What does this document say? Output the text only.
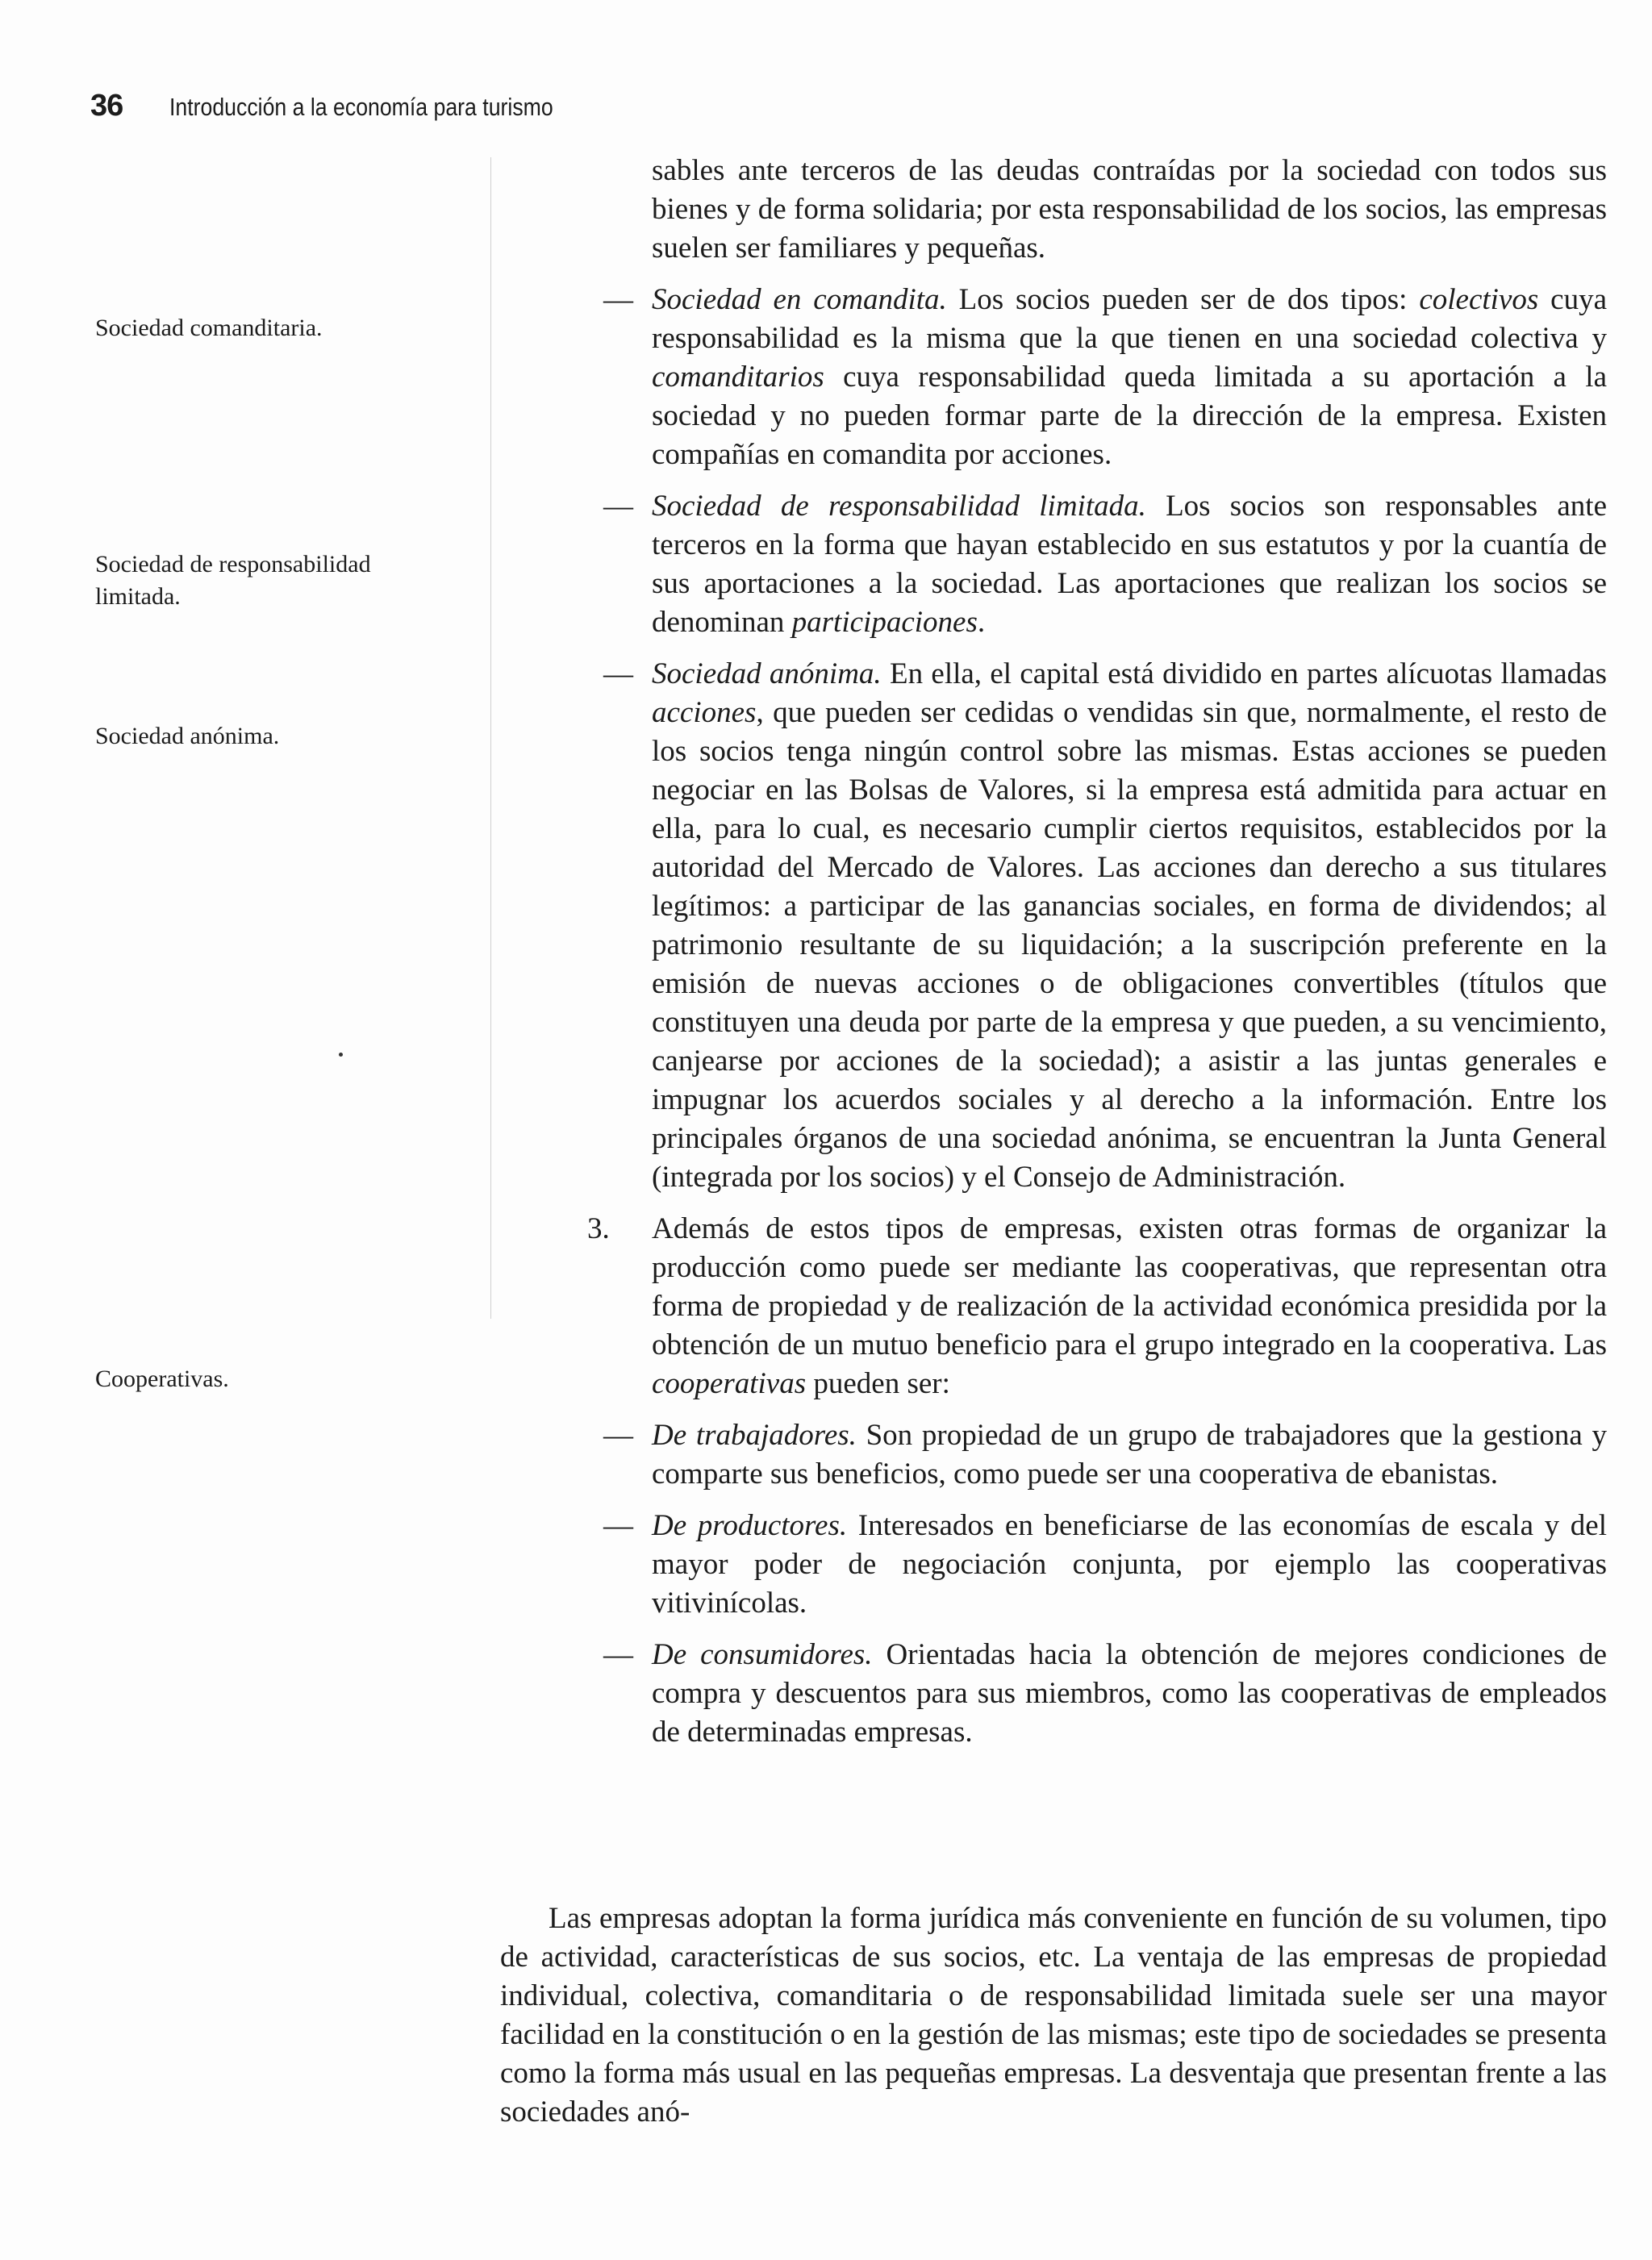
36 Introducción a la economía para turismo
Sociedad comanditaria.
Sociedad de responsabilidad limitada.
Sociedad anónima.
Cooperativas.

sables ante terceros de las deudas contraídas por la sociedad con todos sus bienes y de forma solidaria; por esta responsabilidad de los socios, las empresas suelen ser familiares y pequeñas.

— Sociedad en comandita. Los socios pueden ser de dos tipos: colectivos cuya responsabilidad es la misma que la que tienen en una sociedad colectiva y comanditarios cuya responsabilidad queda limitada a su aportación a la sociedad y no pueden formar parte de la dirección de la empresa. Existen compañías en comandita por acciones.
— Sociedad de responsabilidad limitada. Los socios son responsables ante terceros en la forma que hayan establecido en sus estatutos y por la cuantía de sus aportaciones a la sociedad. Las aportaciones que realizan los socios se denominan participaciones.
— Sociedad anónima. En ella, el capital está dividido en partes alícuotas llamadas acciones, que pueden ser cedidas o vendidas sin que, normalmente, el resto de los socios tenga ningún control sobre las mismas. Estas acciones se pueden negociar en las Bolsas de Valores, si la empresa está admitida para actuar en ella, para lo cual, es necesario cumplir ciertos requisitos, establecidos por la autoridad del Mercado de Valores. Las acciones dan derecho a sus titulares legítimos: a participar de las ganancias sociales, en forma de dividendos; al patrimonio resultante de su liquidación; a la suscripción preferente en la emisión de nuevas acciones o de obligaciones convertibles (títulos que constituyen una deuda por parte de la empresa y que pueden, a su vencimiento, canjearse por acciones de la sociedad); a asistir a las juntas generales e impugnar los acuerdos sociales y al derecho a la información. Entre los principales órganos de una sociedad anónima, se encuentran la Junta General (integrada por los socios) y el Consejo de Administración.
3. Además de estos tipos de empresas, existen otras formas de organizar la producción como puede ser mediante las cooperativas, que representan otra forma de propiedad y de realización de la actividad económica presidida por la obtención de un mutuo beneficio para el grupo integrado en la cooperativa. Las cooperativas pueden ser:
— De trabajadores. Son propiedad de un grupo de trabajadores que la gestiona y comparte sus beneficios, como puede ser una cooperativa de ebanistas.
— De productores. Interesados en beneficiarse de las economías de escala y del mayor poder de negociación conjunta, por ejemplo las cooperativas vitivinícolas.
— De consumidores. Orientadas hacia la obtención de mejores condiciones de compra y descuentos para sus miembros, como las cooperativas de empleados de determinadas empresas.

Las empresas adoptan la forma jurídica más conveniente en función de su volumen, tipo de actividad, características de sus socios, etc. La ventaja de las empresas de propiedad individual, colectiva, comanditaria o de responsabilidad limitada suele ser una mayor facilidad en la constitución o en la gestión de las mismas; este tipo de sociedades se presenta como la forma más usual en las pequeñas empresas. La desventaja que presentan frente a las sociedades anó-
